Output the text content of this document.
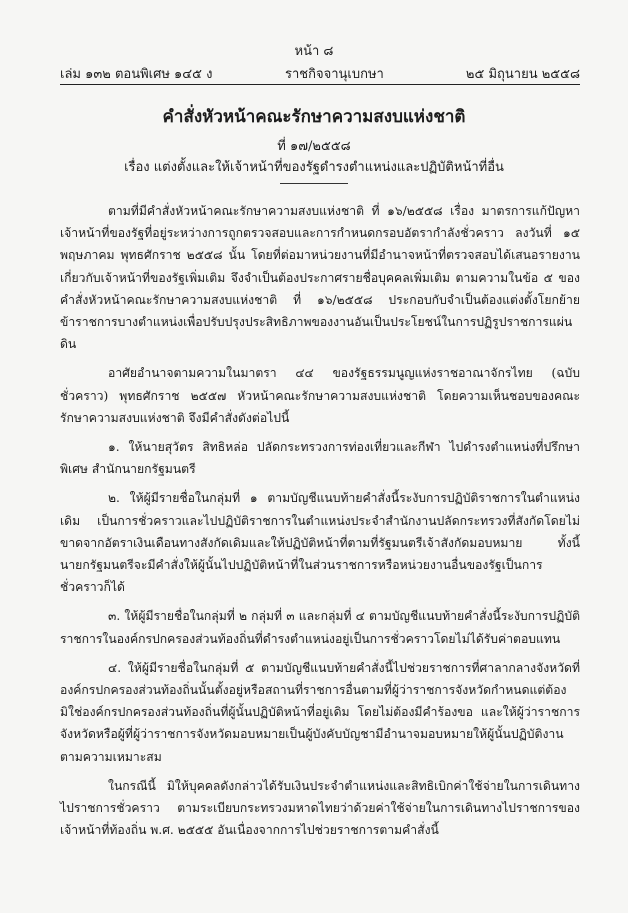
หน้า ๘
เล่ม ๑๓๒ ตอนพิเศษ ๑๔๕ ง	ราชกิจจานุเบกษา	๒๕ มิถุนายน ๒๕๕๘
คำสั่งหัวหน้าคณะรักษาความสงบแห่งชาติ
ที่ ๑๗/๒๕๕๘
เรื่อง แต่งตั้งและให้เจ้าหน้าที่ของรัฐดำรงตำแหน่งและปฏิบัติหน้าที่อื่น

ตามที่มีคำสั่งหัวหน้าคณะรักษาความสงบแห่งชาติ ที่ ๑๖/๒๕๕๘ เรื่อง มาตรการแก้ปัญหาเจ้าหน้าที่ของรัฐที่อยู่ระหว่างการถูกตรวจสอบและการกำหนดกรอบอัตรากำลังชั่วคราว ลงวันที่ ๑๕ พฤษภาคม พุทธศักราช ๒๕๕๘ นั้น โดยที่ต่อมาหน่วยงานที่มีอำนาจหน้าที่ตรวจสอบได้เสนอรายงานเกี่ยวกับเจ้าหน้าที่ของรัฐเพิ่มเติม จึงจำเป็นต้องประกาศรายชื่อบุคคลเพิ่มเติม ตามความในข้อ ๕ ของคำสั่งหัวหน้าคณะรักษาความสงบแห่งชาติ ที่ ๑๖/๒๕๕๘ ประกอบกับจำเป็นต้องแต่งตั้งโยกย้ายข้าราชการบางตำแหน่งเพื่อปรับปรุงประสิทธิภาพของงานอันเป็นประโยชน์ในการปฏิรูปราชการแผ่นดิน

อาศัยอำนาจตามความในมาตรา ๔๔ ของรัฐธรรมนูญแห่งราชอาณาจักรไทย (ฉบับชั่วคราว) พุทธศักราช ๒๕๕๗ หัวหน้าคณะรักษาความสงบแห่งชาติ โดยความเห็นชอบของคณะรักษาความสงบแห่งชาติ จึงมีคำสั่งดังต่อไปนี้

๑. ให้นายสุวัตร สิทธิหล่อ ปลัดกระทรวงการท่องเที่ยวและกีฬา ไปดำรงตำแหน่งที่ปรึกษาพิเศษ สำนักนายกรัฐมนตรี

๒. ให้ผู้มีรายชื่อในกลุ่มที่ ๑ ตามบัญชีแนบท้ายคำสั่งนี้ระงับการปฏิบัติราชการในตำแหน่งเดิม เป็นการชั่วคราวและไปปฏิบัติราชการในตำแหน่งประจำสำนักงานปลัดกระทรวงที่สังกัดโดยไม่ขาดจากอัตราเงินเดือนทางสังกัดเดิมและให้ปฏิบัติหน้าที่ตามที่รัฐมนตรีเจ้าสังกัดมอบหมาย ทั้งนี้ นายกรัฐมนตรีจะมีคำสั่งให้ผู้นั้นไปปฏิบัติหน้าที่ในส่วนราชการหรือหน่วยงานอื่นของรัฐเป็นการชั่วคราวก็ได้

๓. ให้ผู้มีรายชื่อในกลุ่มที่ ๒ กลุ่มที่ ๓ และกลุ่มที่ ๔ ตามบัญชีแนบท้ายคำสั่งนี้ระงับการปฏิบัติราชการในองค์กรปกครองส่วนท้องถิ่นที่ดำรงตำแหน่งอยู่เป็นการชั่วคราวโดยไม่ได้รับค่าตอบแทน

๔. ให้ผู้มีรายชื่อในกลุ่มที่ ๕ ตามบัญชีแนบท้ายคำสั่งนี้ไปช่วยราชการที่ศาลากลางจังหวัดที่องค์กรปกครองส่วนท้องถิ่นนั้นตั้งอยู่หรือสถานที่ราชการอื่นตามที่ผู้ว่าราชการจังหวัดกำหนดแต่ต้องมิใช่องค์กรปกครองส่วนท้องถิ่นที่ผู้นั้นปฏิบัติหน้าที่อยู่เดิม โดยไม่ต้องมีคำร้องขอ และให้ผู้ว่าราชการจังหวัดหรือผู้ที่ผู้ว่าราชการจังหวัดมอบหมายเป็นผู้บังคับบัญชามีอำนาจมอบหมายให้ผู้นั้นปฏิบัติงานตามความเหมาะสม

ในกรณีนี้ มิให้บุคคลดังกล่าวได้รับเงินประจำตำแหน่งและสิทธิเบิกค่าใช้จ่ายในการเดินทางไปราชการชั่วคราว ตามระเบียบกระทรวงมหาดไทยว่าด้วยค่าใช้จ่ายในการเดินทางไปราชการของเจ้าหน้าที่ท้องถิ่น พ.ศ. ๒๕๕๕ อันเนื่องจากการไปช่วยราชการตามคำสั่งนี้
